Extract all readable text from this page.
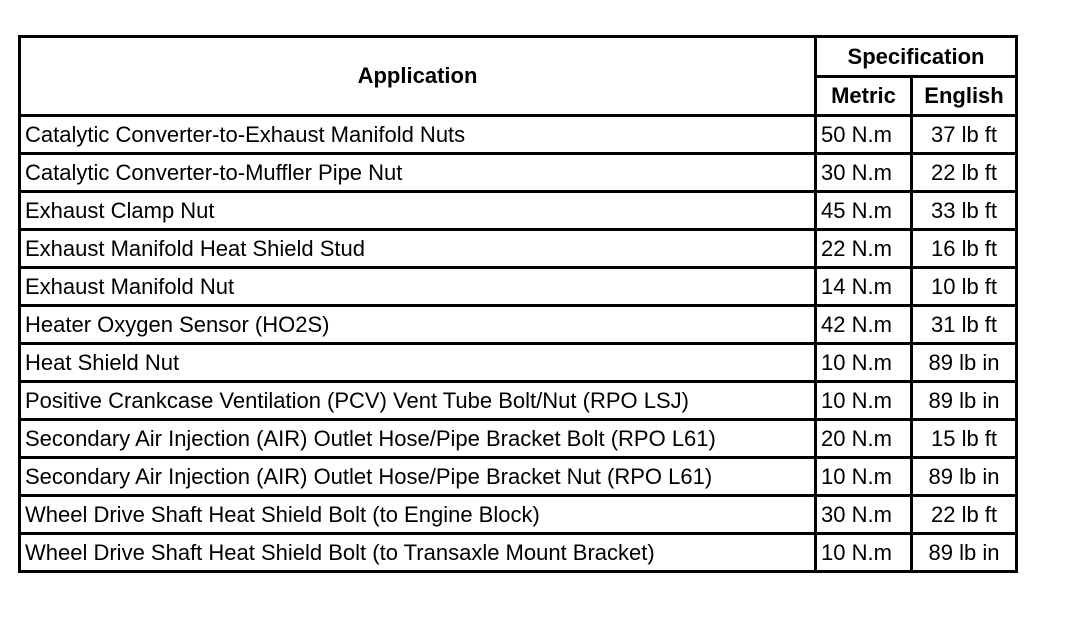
Application	Specification	
	Metric	English
Catalytic Converter-to-Exhaust Manifold Nuts	50 N.m	37 lb ft
Catalytic Converter-to-Muffler Pipe Nut	30 N.m	22 lb ft
Exhaust Clamp Nut	45 N.m	33 lb ft
Exhaust Manifold Heat Shield Stud	22 N.m	16 lb ft
Exhaust Manifold Nut	14 N.m	10 lb ft
Heater Oxygen Sensor (HO2S)	42 N.m	31 lb ft
Heat Shield Nut	10 N.m	89 lb in
Positive Crankcase Ventilation (PCV) Vent Tube Bolt/Nut (RPO LSJ)	10 N.m	89 lb in
Secondary Air Injection (AIR) Outlet Hose/Pipe Bracket Bolt (RPO L61)	20 N.m	15 lb ft
Secondary Air Injection (AIR) Outlet Hose/Pipe Bracket Nut (RPO L61)	10 N.m	89 lb in
Wheel Drive Shaft Heat Shield Bolt (to Engine Block)	30 N.m	22 lb ft
Wheel Drive Shaft Heat Shield Bolt (to Transaxle Mount Bracket)	10 N.m	89 lb in
